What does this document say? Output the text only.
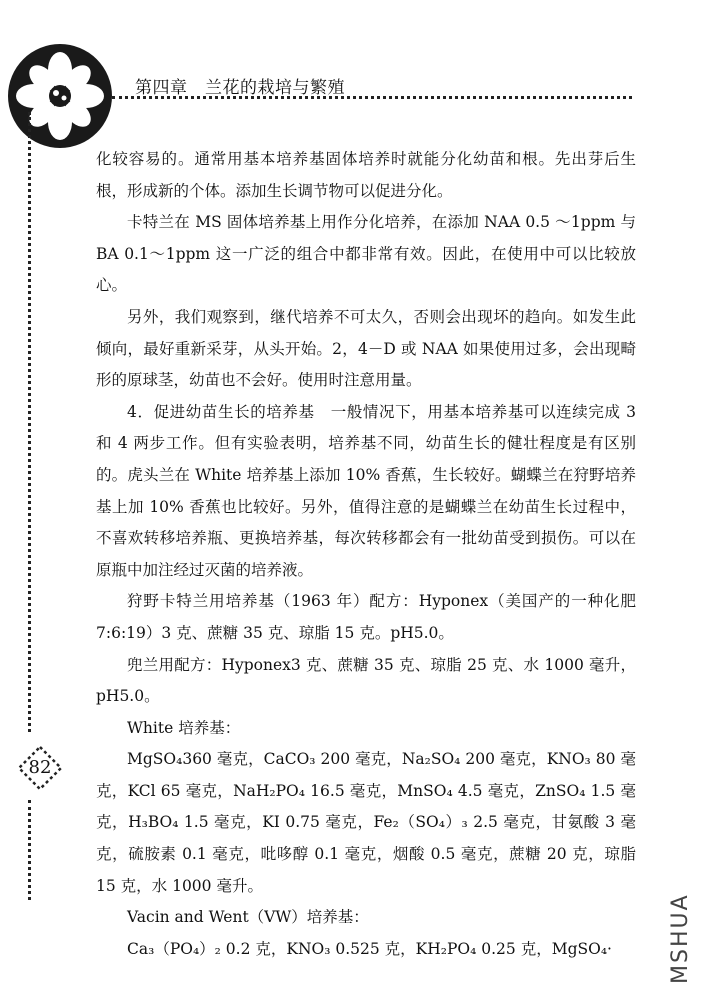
第四章　兰花的栽培与繁殖
82

化较容易的。通常用基本培养基固体培养时就能分化幼苗和根。先出芽后生根，形成新的个体。添加生长调节物可以促进分化。

卡特兰在 MS 固体培养基上用作分化培养，在添加 NAA 0.5 ～1ppm 与 BA 0.1～1ppm 这一广泛的组合中都非常有效。因此，在使用中可以比较放心。

另外，我们观察到，继代培养不可太久，否则会出现坏的趋向。如发生此倾向，最好重新采芽，从头开始。2，4－D 或 NAA 如果使用过多，会出现畸形的原球茎，幼苗也不会好。使用时注意用量。

4．促进幼苗生长的培养基　一般情况下，用基本培养基可以连续完成 3 和 4 两步工作。但有实验表明，培养基不同，幼苗生长的健壮程度是有区别的。虎头兰在 White 培养基上添加 10% 香蕉，生长较好。蝴蝶兰在狩野培养基上加 10% 香蕉也比较好。另外，值得注意的是蝴蝶兰在幼苗生长过程中，不喜欢转移培养瓶、更换培养基，每次转移都会有一批幼苗受到损伤。可以在原瓶中加注经过灭菌的培养液。

狩野卡特兰用培养基（1963 年）配方：Hyponex（美国产的一种化肥 7:6:19）3 克、蔗糖 35 克、琼脂 15 克。pH5.0。

兜兰用配方：Hyponex3 克、蔗糖 35 克、琼脂 25 克、水 1000 毫升，pH5.0。

White 培养基：

MgSO₄360 毫克，CaCO₃ 200 毫克，Na₂SO₄ 200 毫克，KNO₃ 80 毫克，KCl 65 毫克，NaH₂PO₄ 16.5 毫克，MnSO₄ 4.5 毫克，ZnSO₄ 1.5 毫克，H₃BO₄ 1.5 毫克，KI 0.75 毫克，Fe₂（SO₄）₃ 2.5 毫克，甘氨酸 3 毫克，硫胺素 0.1 毫克，吡哆醇 0.1 毫克，烟酸 0.5 毫克，蔗糖 20 克，琼脂 15 克，水 1000 毫升。

Vacin and Went（VW）培养基：

Ca₃（PO₄）₂ 0.2 克，KNO₃ 0.525 克，KH₂PO₄ 0.25 克，MgSO₄·	MSHUA
